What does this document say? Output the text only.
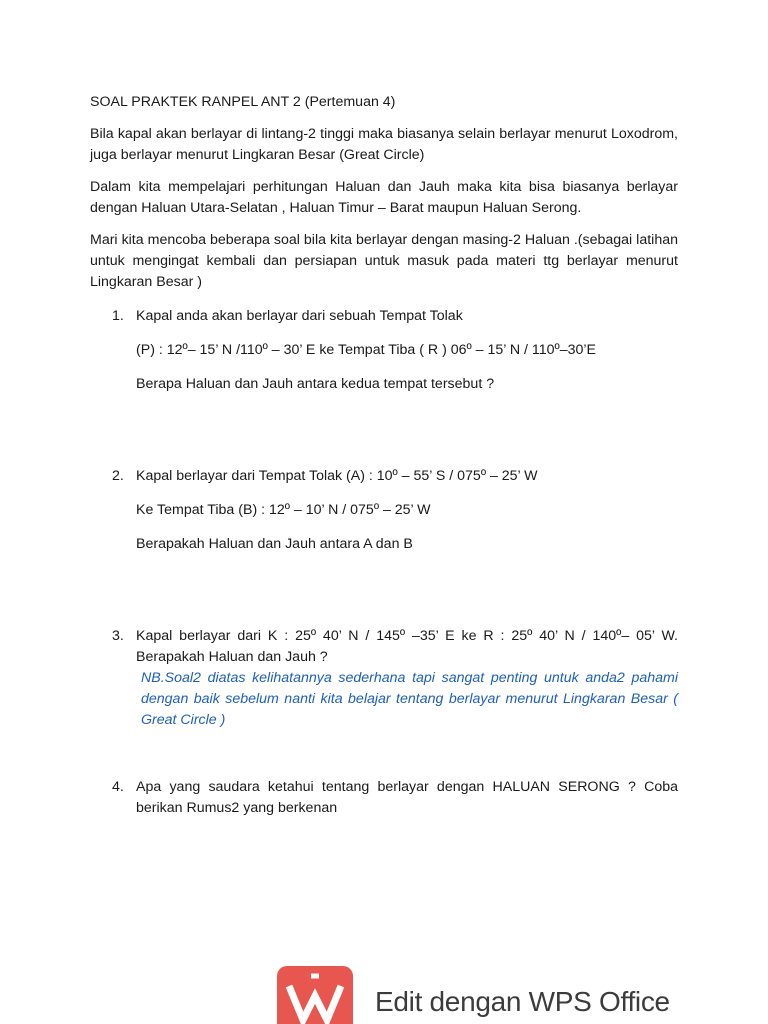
SOAL PRAKTEK RANPEL ANT 2 (Pertemuan 4)

Bila kapal akan berlayar di lintang-2 tinggi maka biasanya selain berlayar menurut Loxodrom, juga berlayar menurut Lingkaran Besar (Great Circle)

Dalam kita mempelajari perhitungan Haluan dan Jauh maka kita bisa biasanya berlayar dengan Haluan Utara-Selatan , Haluan Timur – Barat maupun Haluan Serong.

Mari kita mencoba beberapa soal bila kita berlayar dengan masing-2 Haluan .(sebagai latihan untuk mengingat kembali dan persiapan untuk masuk pada materi ttg berlayar menurut Lingkaran Besar )

1. Kapal anda akan berlayar dari sebuah Tempat Tolak

(P) : 12º– 15’ N /110º – 30’ E ke Tempat Tiba ( R ) 06º – 15’ N / 110º–30’E

Berapa Haluan dan Jauh antara kedua tempat tersebut ?

2. Kapal berlayar dari Tempat Tolak (A) : 10º – 55’ S / 075º – 25’ W

Ke Tempat Tiba (B) : 12º – 10’ N / 075º – 25’ W

Berapakah Haluan dan Jauh antara A dan B

3. Kapal berlayar dari K : 25º 40’ N / 145º –35’ E ke R : 25º 40’ N / 140º– 05’ W. Berapakah Haluan dan Jauh ?

NB.Soal2 diatas kelihatannya sederhana tapi sangat penting untuk anda2 pahami dengan baik sebelum nanti kita belajar tentang berlayar menurut Lingkaran Besar ( Great Circle )

4. Apa yang saudara ketahui tentang berlayar dengan HALUAN SERONG ? Coba berikan Rumus2 yang berkenan

Edit dengan WPS Office
